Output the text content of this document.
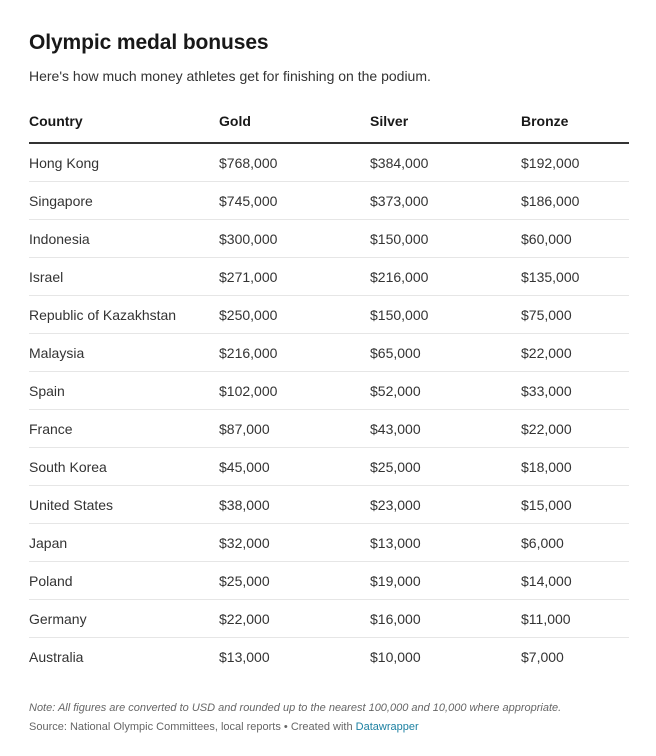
Olympic medal bonuses
Here's how much money athletes get for finishing on the podium.
Country	Gold	Silver	Bronze
Hong Kong	$768,000	$384,000	$192,000
Singapore	$745,000	$373,000	$186,000
Indonesia	$300,000	$150,000	$60,000
Israel	$271,000	$216,000	$135,000
Republic of Kazakhstan	$250,000	$150,000	$75,000
Malaysia	$216,000	$65,000	$22,000
Spain	$102,000	$52,000	$33,000
France	$87,000	$43,000	$22,000
South Korea	$45,000	$25,000	$18,000
United States	$38,000	$23,000	$15,000
Japan	$32,000	$13,000	$6,000
Poland	$25,000	$19,000	$14,000
Germany	$22,000	$16,000	$11,000
Australia	$13,000	$10,000	$7,000
Note: All figures are converted to USD and rounded up to the nearest 100,000 and 10,000 where appropriate.
Source: National Olympic Committees, local reports • Created with Datawrapper
